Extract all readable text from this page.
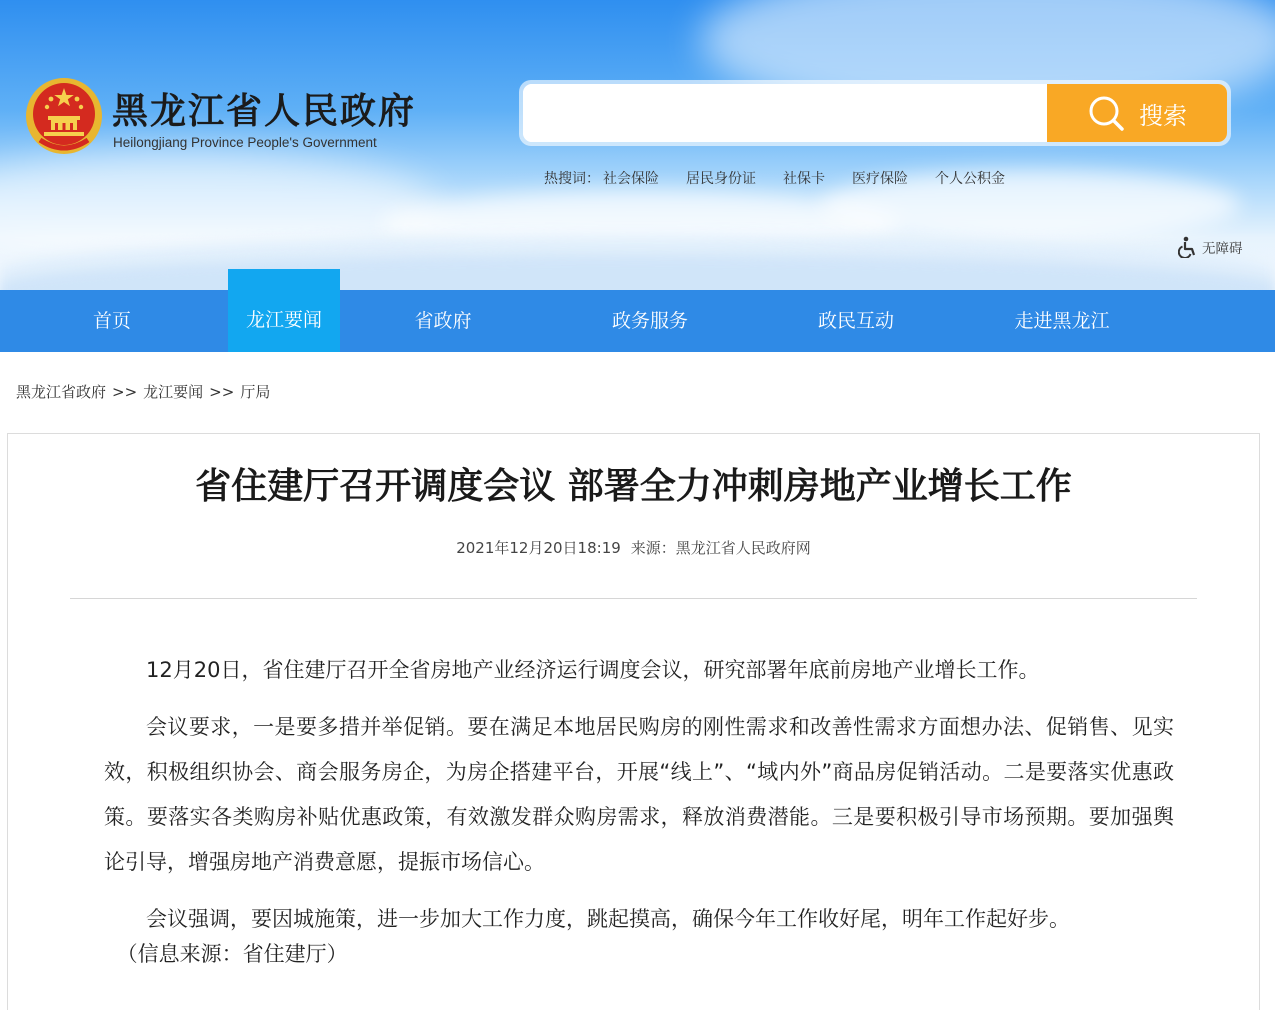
黑龙江省人民政府
Heilongjiang Province People's Government
搜索
热搜词： 社会保险 居民身份证 社保卡 医疗保险 个人公积金
无障碍
首页	龙江要闻	省政府	政务服务	政民互动	走进黑龙江
黑龙江省政府 >> 龙江要闻 >> 厅局
省住建厅召开调度会议 部署全力冲刺房地产业增长工作
2021年12月20日18:19 来源：黑龙江省人民政府网

12月20日，省住建厅召开全省房地产业经济运行调度会议，研究部署年底前房地产业增长工作。

会议要求，一是要多措并举促销。要在满足本地居民购房的刚性需求和改善性需求方面想办法、促销售、见实效，积极组织协会、商会服务房企，为房企搭建平台，开展“线上”、“域内外”商品房促销活动。二是要落实优惠政策。要落实各类购房补贴优惠政策，有效激发群众购房需求，释放消费潜能。三是要积极引导市场预期。要加强舆论引导，增强房地产消费意愿，提振市场信心。

会议强调，要因城施策，进一步加大工作力度，跳起摸高，确保今年工作收好尾，明年工作起好步。

（信息来源：省住建厅）
